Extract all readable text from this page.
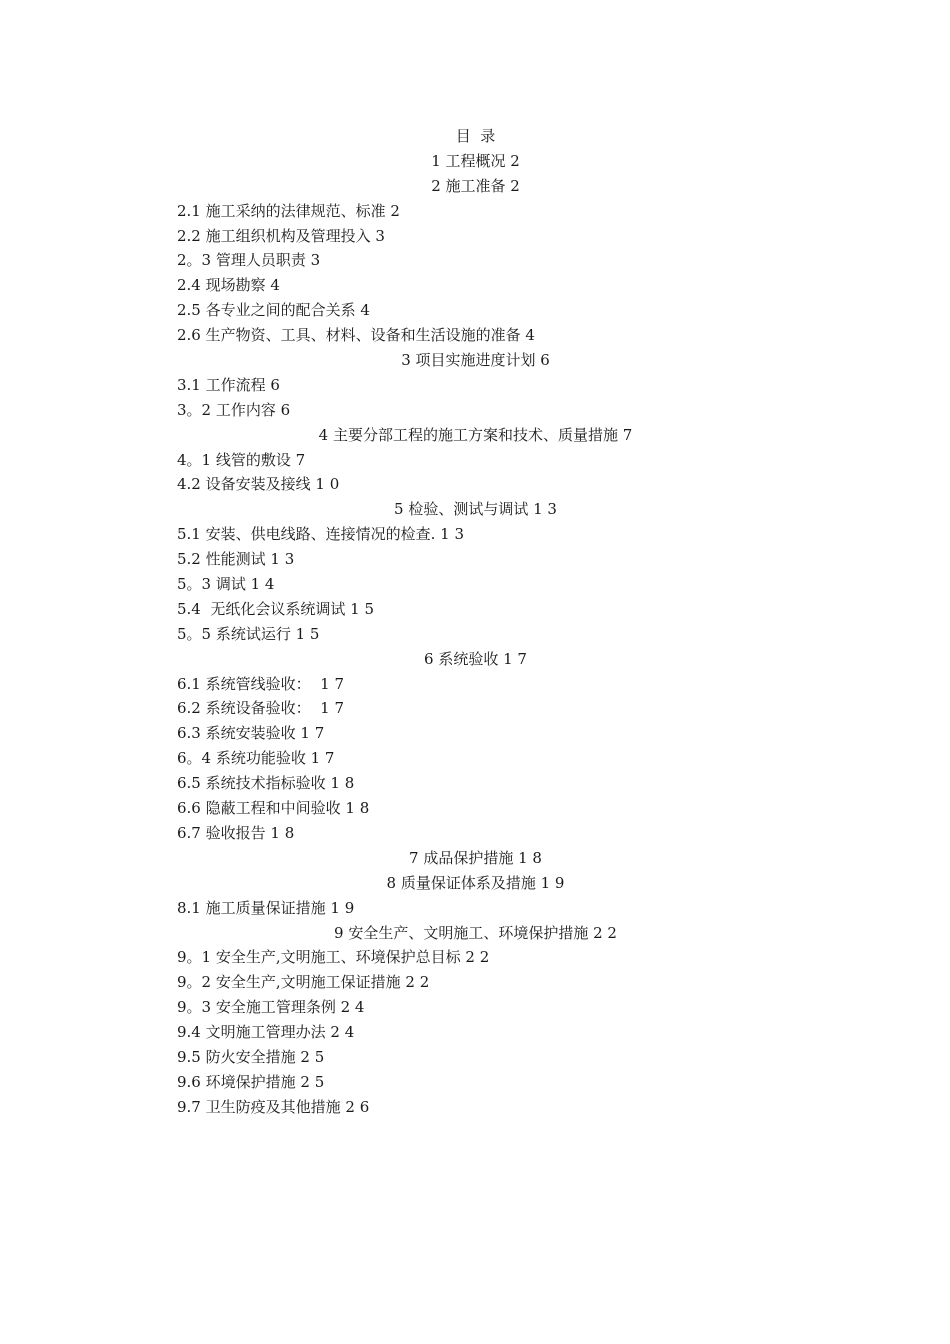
目  录
1 工程概况 2
2 施工准备 2
2.1 施工采纳的法律规范、标准 2
2.2 施工组织机构及管理投入 3
2。3 管理人员职责 3
2.4 现场勘察 4
2.5 各专业之间的配合关系 4
2.6 生产物资、工具、材料、设备和生活设施的准备 4
3 项目实施进度计划 6
3.1 工作流程 6
3。2 工作内容 6
4 主要分部工程的施工方案和技术、质量措施 7
4。1 线管的敷设 7
4.2 设备安装及接线 1 0
5 检验、测试与调试 1 3
5.1 安装、供电线路、连接情况的检查. 1 3
5.2 性能测试 1 3
5。3 调试 1 4
5.4  无纸化会议系统调试 1 5
5。5 系统试运行 1 5
6 系统验收 1 7
6.1 系统管线验收：  1 7
6.2 系统设备验收：  1 7
6.3 系统安装验收 1 7
6。4 系统功能验收 1 7
6.5 系统技术指标验收 1 8
6.6 隐蔽工程和中间验收 1 8
6.7 验收报告 1 8
7 成品保护措施 1 8
8 质量保证体系及措施 1 9
8.1 施工质量保证措施 1 9
9 安全生产、文明施工、环境保护措施 2 2
9。1 安全生产,文明施工、环境保护总目标 2 2
9。2 安全生产,文明施工保证措施 2 2
9。3 安全施工管理条例 2 4
9.4 文明施工管理办法 2 4
9.5 防火安全措施 2 5
9.6 环境保护措施 2 5
9.7 卫生防疫及其他措施 2 6
